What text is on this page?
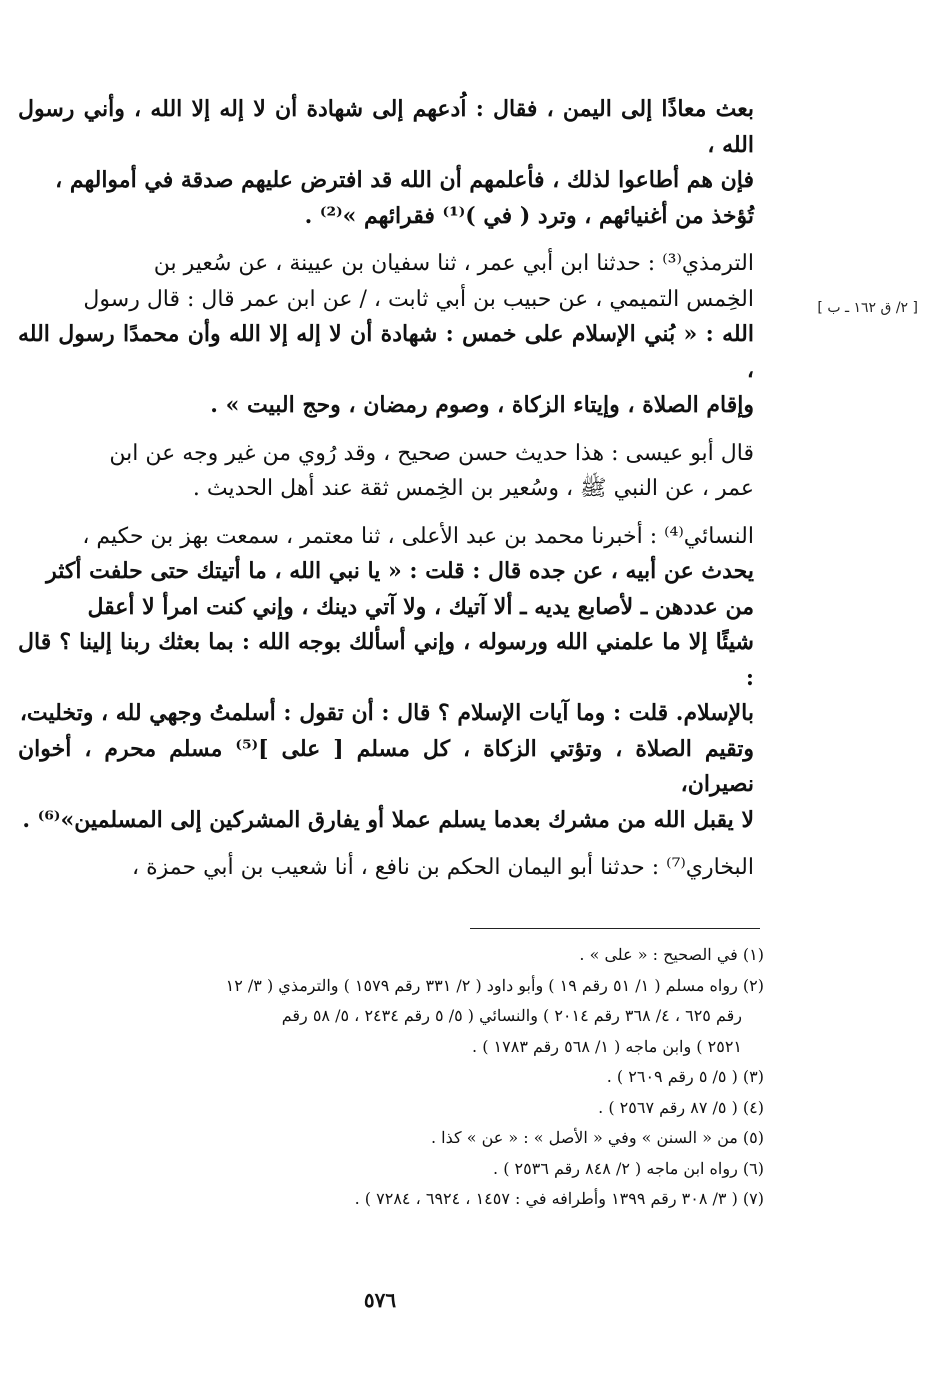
[ ٢/ ق ١٦٢ ـ ب ]
بعث معاذًا إلى اليمن ، فقال : اُدعهم إلى شهادة أن لا إله إلا الله ، وأني رسول الله ،
فإن هم أطاعوا لذلك ، فأعلمهم أن الله قد افترض عليهم صدقة في أموالهم ،
تُؤخذ من أغنيائهم ، وترد ( في )⁽¹⁾ فقرائهم »⁽²⁾ .
الترمذي⁽³⁾ : حدثنا ابن أبي عمر ، ثنا سفيان بن عيينة ، عن سُعير بن
الخِمس التميمي ، عن حبيب بن أبي ثابت ، / عن ابن عمر قال : قال رسول
الله : « بُني الإسلام على خمس : شهادة أن لا إله إلا الله وأن محمدًا رسول الله ،
وإقام الصلاة ، وإيتاء الزكاة ، وصوم رمضان ، وحج البيت » .
قال أبو عيسى : هذا حديث حسن صحيح ، وقد رُوي من غير وجه عن ابن
عمر ، عن النبي ﷺ ، وسُعير بن الخِمس ثقة عند أهل الحديث .
النسائي⁽⁴⁾ : أخبرنا محمد بن عبد الأعلى ، ثنا معتمر ، سمعت بهز بن حكيم ،
يحدث عن أبيه ، عن جده قال : قلت : « يا نبي الله ، ما أتيتك حتى حلفت أكثر
من عددهن ـ لأصابع يديه ـ ألا آتيك ، ولا آتي دينك ، وإني كنت امرأ لا أعقل
شيئًا إلا ما علمني الله ورسوله ، وإني أسألك بوجه الله : بما بعثك ربنا إلينا ؟ قال :
بالإسلام. قلت : وما آيات الإسلام ؟ قال : أن تقول : أسلمتُ وجهي لله ، وتخليت،
وتقيم الصلاة ، وتؤتي الزكاة ، كل مسلم [ على ]⁽⁵⁾ مسلم محرم ، أخوان نصيران،
لا يقبل الله من مشرك بعدما يسلم عملا أو يفارق المشركين إلى المسلمين»⁽⁶⁾ .
البخاري⁽⁷⁾ : حدثنا أبو اليمان الحكم بن نافع ، أنا شعيب بن أبي حمزة ،
(١) في الصحيح : « على » .
(٢) رواه مسلم ( ١/ ٥١ رقم ١٩ ) وأبو داود ( ٢/ ٣٣١ رقم ١٥٧٩ ) والترمذي ( ٣/ ١٢
رقم ٦٢٥ ، ٤/ ٣٦٨ رقم ٢٠١٤ ) والنسائي ( ٥/ ٥ رقم ٢٤٣٤ ، ٥/ ٥٨ رقم
٢٥٢١ ) وابن ماجه ( ١/ ٥٦٨ رقم ١٧٨٣ ) .
(٣) ( ٥/ ٥ رقم ٢٦٠٩ ) .
(٤) ( ٥/ ٨٧ رقم ٢٥٦٧ ) .
(٥) من « السنن » وفي « الأصل » : « عن » كذا .
(٦) رواه ابن ماجه ( ٢/ ٨٤٨ رقم ٢٥٣٦ ) .
(٧) ( ٣/ ٣٠٨ رقم ١٣٩٩ وأطرافه في : ١٤٥٧ ، ٦٩٢٤ ، ٧٢٨٤ ) .
٥٧٦
